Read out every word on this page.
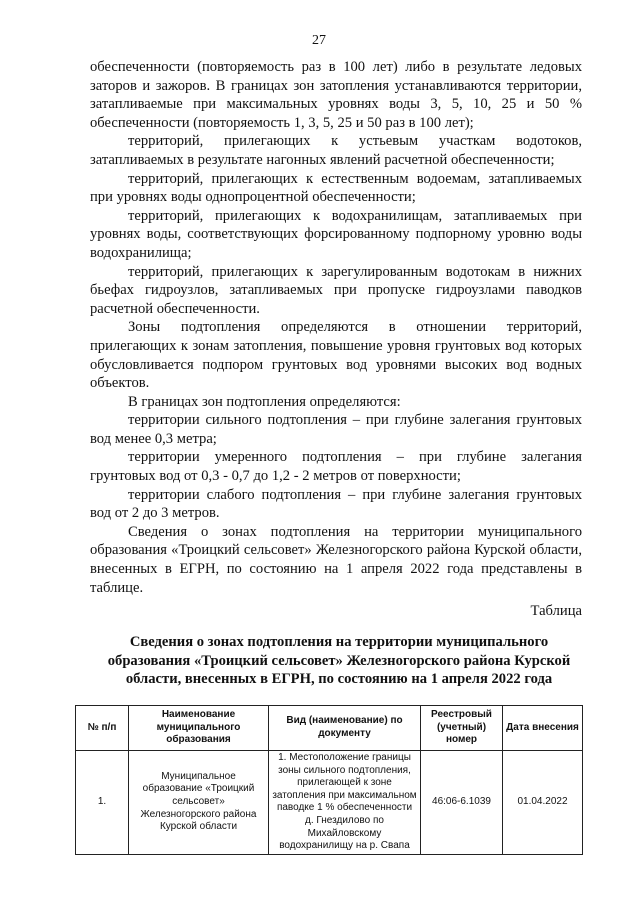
27

обеспеченности (повторяемость раз в 100 лет) либо в результате ледовых заторов и зажоров. В границах зон затопления устанавливаются территории, затапливаемые при максимальных уровнях воды 3, 5, 10, 25 и 50 % обеспеченности (повторяемость 1, 3, 5, 25 и 50 раз в 100 лет);

территорий, прилегающих к устьевым участкам водотоков, затапливаемых в результате нагонных явлений расчетной обеспеченности;

территорий, прилегающих к естественным водоемам, затапливаемых при уровнях воды однопроцентной обеспеченности;

территорий, прилегающих к водохранилищам, затапливаемых при уровнях воды, соответствующих форсированному подпорному уровню воды водохранилища;

территорий, прилегающих к зарегулированным водотокам в нижних бьефах гидроузлов, затапливаемых при пропуске гидроузлами паводков расчетной обеспеченности.

Зоны подтопления определяются в отношении территорий, прилегающих к зонам затопления, повышение уровня грунтовых вод которых обусловливается подпором грунтовых вод уровнями высоких вод водных объектов.

В границах зон подтопления определяются:

территории сильного подтопления – при глубине залегания грунтовых вод менее 0,3 метра;

территории умеренного подтопления – при глубине залегания грунтовых вод от 0,3 - 0,7 до 1,2 - 2 метров от поверхности;

территории слабого подтопления – при глубине залегания грунтовых вод от 2 до 3 метров.

Сведения о зонах подтопления на территории муниципального образования «Троицкий сельсовет» Железногорского района Курской области, внесенных в ЕГРН, по состоянию на 1 апреля 2022 года представлены в таблице.

Таблица
Сведения о зонах подтопления на территории муниципального образования «Троицкий сельсовет» Железногорского района Курской области, внесенных в ЕГРН, по состоянию на 1 апреля 2022 года
№ п/п	Наименование муниципального образования	Вид (наименование) по документу	Реестровый (учетный) номер	Дата внесения
1.	Муниципальное образование «Троицкий сельсовет» Железногорского района Курской области	1. Местоположение границы зоны сильного подтопления, прилегающей к зоне затопления при максимальном паводке 1 % обеспеченности д. Гнездилово по Михайловскому водохранилищу на р. Свапа	46:06-6.1039	01.04.2022
